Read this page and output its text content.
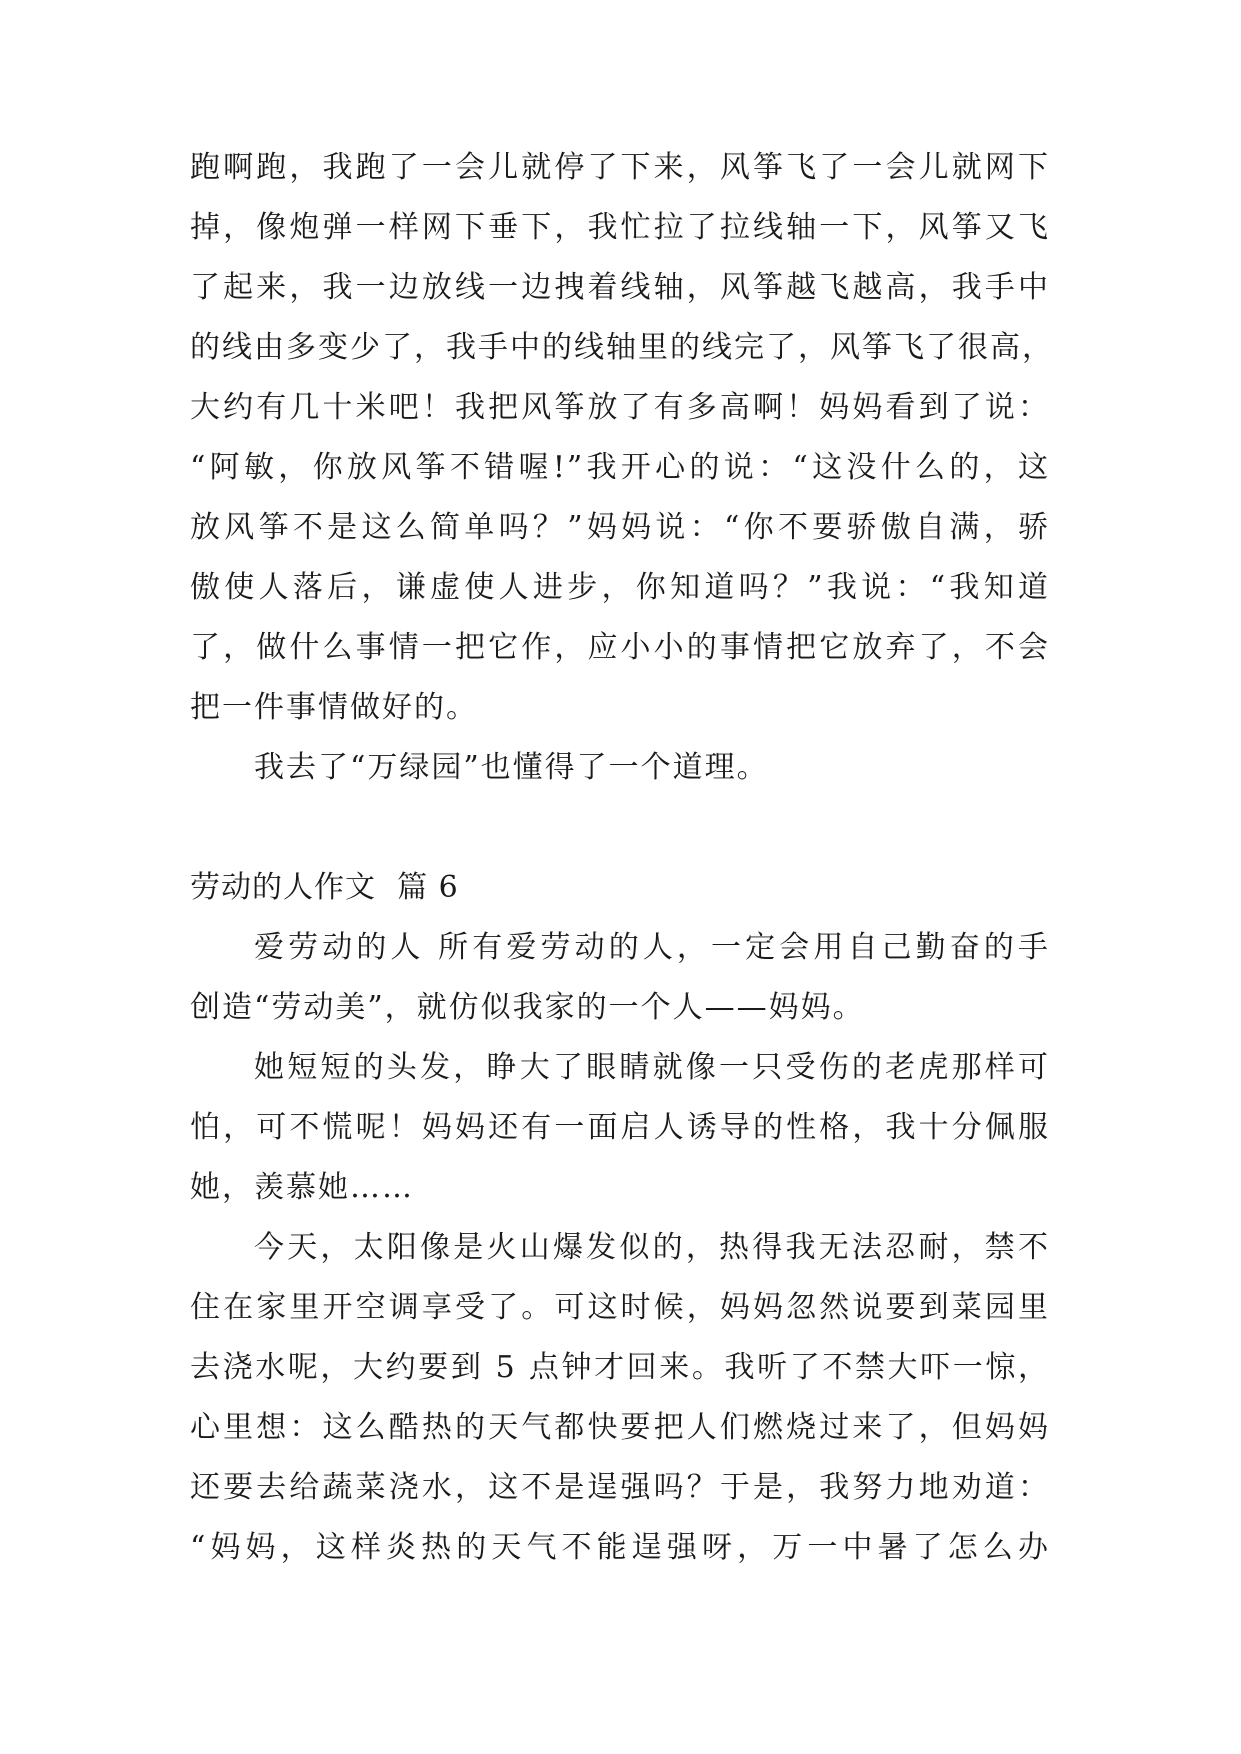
跑啊跑，我跑了一会儿就停了下来，风筝飞了一会儿就网下
掉，像炮弹一样网下垂下，我忙拉了拉线轴一下，风筝又飞
了起来，我一边放线一边拽着线轴，风筝越飞越高，我手中
的线由多变少了，我手中的线轴里的线完了，风筝飞了很高，
大约有几十米吧！我把风筝放了有多高啊！妈妈看到了说：
“阿敏，你放风筝不错喔!”我开心的说：“这没什么的，这
放风筝不是这么简单吗？”妈妈说：“你不要骄傲自满，骄
傲使人落后，谦虚使人进步，你知道吗？”我说：“我知道
了，做什么事情一把它作，应小小的事情把它放弃了，不会
把一件事情做好的。
我去了“万绿园”也懂得了一个道理。
劳动的人作文  篇 6
爱劳动的人 所有爱劳动的人，一定会用自己勤奋的手
创造“劳动美”，就仿似我家的一个人——妈妈。
她短短的头发，睁大了眼睛就像一只受伤的老虎那样可
怕，可不慌呢！妈妈还有一面启人诱导的性格，我十分佩服
她，羡慕她……
今天，太阳像是火山爆发似的，热得我无法忍耐，禁不
住在家里开空调享受了。可这时候，妈妈忽然说要到菜园里
去浇水呢，大约要到 5 点钟才回来。我听了不禁大吓一惊，
心里想：这么酷热的天气都快要把人们燃烧过来了，但妈妈
还要去给蔬菜浇水，这不是逞强吗？于是，我努力地劝道：
“妈妈，这样炎热的天气不能逞强呀，万一中暑了怎么办
